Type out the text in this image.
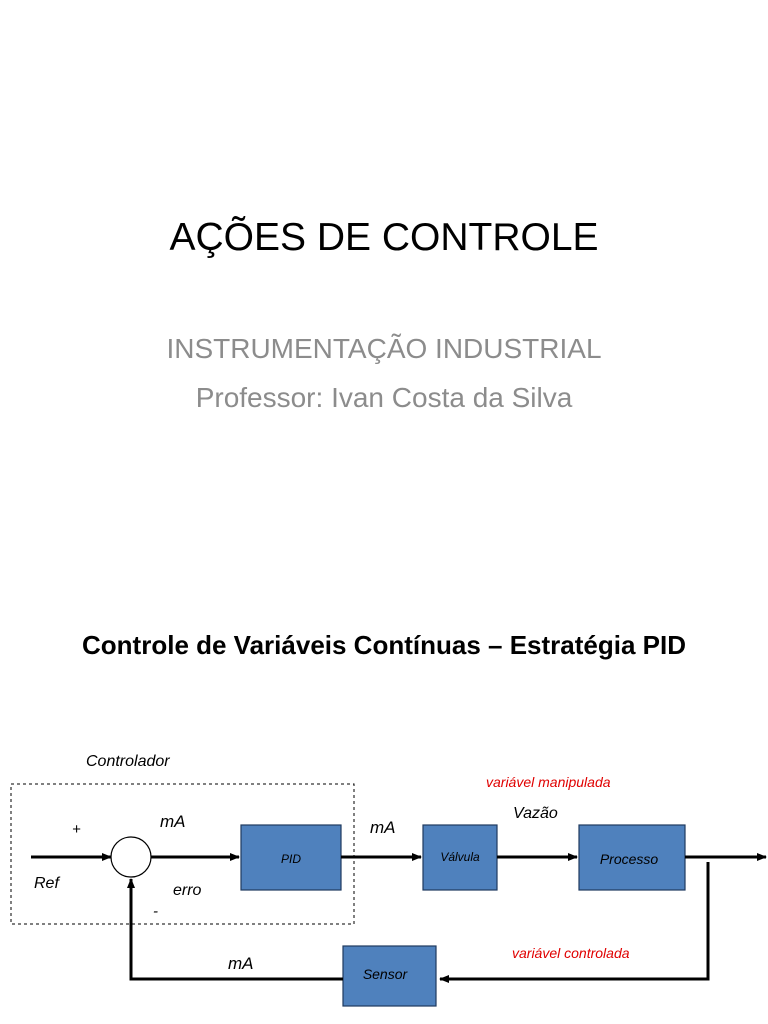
AÇÕES DE CONTROLE

INSTRUMENTAÇÃO INDUSTRIAL

Professor: Ivan Costa da Silva

Controle de Variáveis Contínuas – Estratégia PID
Controlador
Ref
+
-
mA
erro
PID
mA
Válvula
variável manipulada
Vazão
Processo
variável controlada
Sensor
mA
